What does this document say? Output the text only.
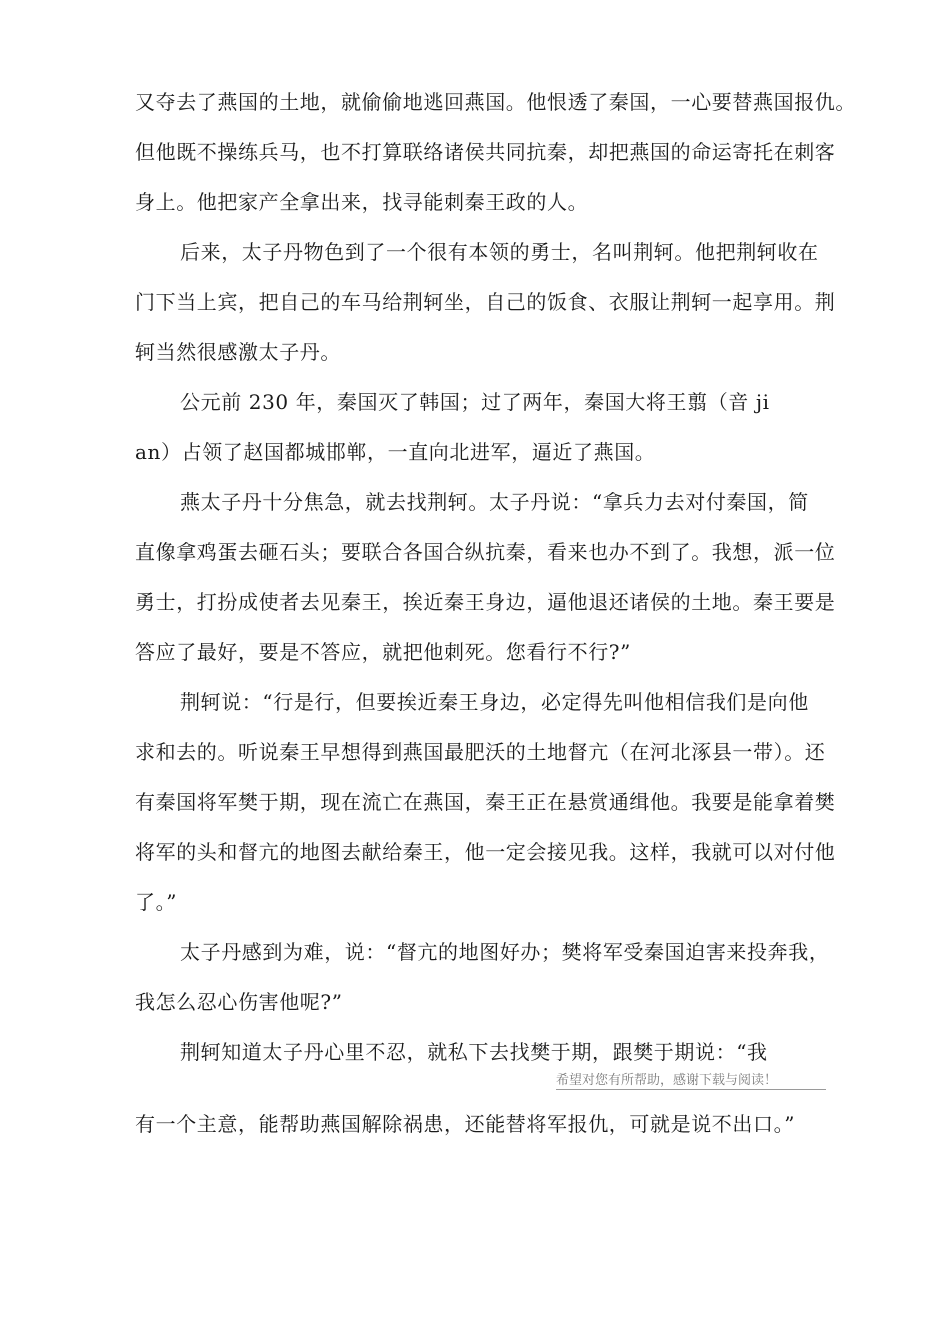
又夺去了燕国的土地，就偷偷地逃回燕国。他恨透了秦国，一心要替燕国报仇。
但他既不操练兵马，也不打算联络诸侯共同抗秦，却把燕国的命运寄托在刺客
身上。他把家产全拿出来，找寻能刺秦王政的人。
后来，太子丹物色到了一个很有本领的勇士，名叫荆轲。他把荆轲收在
门下当上宾，把自己的车马给荆轲坐，自己的饭食、衣服让荆轲一起享用。荆
轲当然很感激太子丹。
公元前 230 年，秦国灭了韩国；过了两年，秦国大将王翦（音 ji
an）占领了赵国都城邯郸，一直向北进军，逼近了燕国。
燕太子丹十分焦急，就去找荆轲。太子丹说：“拿兵力去对付秦国，简
直像拿鸡蛋去砸石头；要联合各国合纵抗秦，看来也办不到了。我想，派一位
勇士，打扮成使者去见秦王，挨近秦王身边，逼他退还诸侯的土地。秦王要是
答应了最好，要是不答应，就把他刺死。您看行不行?”
荆轲说：“行是行，但要挨近秦王身边，必定得先叫他相信我们是向他
求和去的。听说秦王早想得到燕国最肥沃的土地督亢（在河北涿县一带）。还
有秦国将军樊于期，现在流亡在燕国，秦王正在悬赏通缉他。我要是能拿着樊
将军的头和督亢的地图去献给秦王，他一定会接见我。这样，我就可以对付他
了。”
太子丹感到为难，说：“督亢的地图好办；樊将军受秦国迫害来投奔我，
我怎么忍心伤害他呢?”
荆轲知道太子丹心里不忍，就私下去找樊于期，跟樊于期说：“我
希望对您有所帮助，感谢下载与阅读！
有一个主意，能帮助燕国解除祸患，还能替将军报仇，可就是说不出口。”
